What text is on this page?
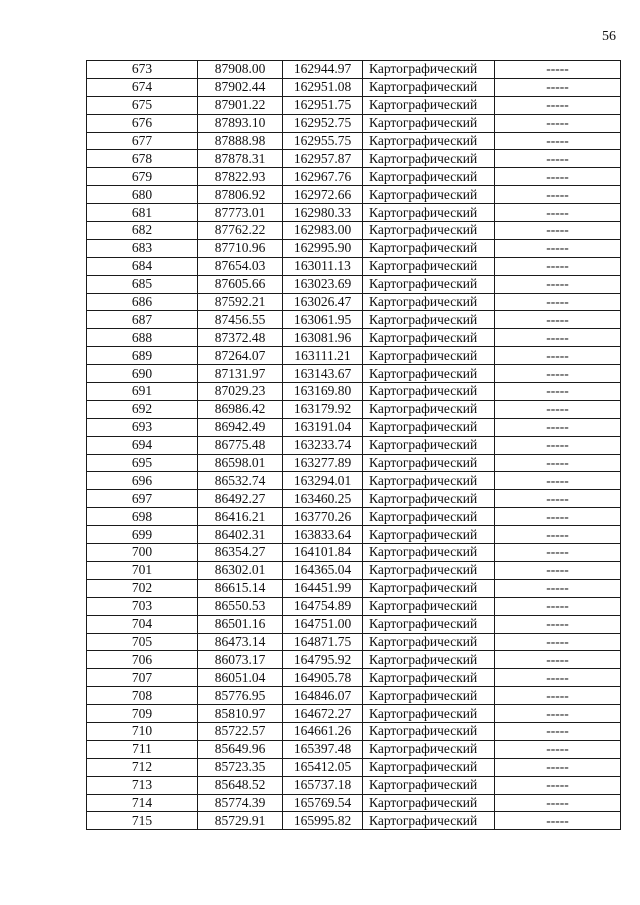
56
673	87908.00	162944.97	Картографический	-----
674	87902.44	162951.08	Картографический	-----
675	87901.22	162951.75	Картографический	-----
676	87893.10	162952.75	Картографический	-----
677	87888.98	162955.75	Картографический	-----
678	87878.31	162957.87	Картографический	-----
679	87822.93	162967.76	Картографический	-----
680	87806.92	162972.66	Картографический	-----
681	87773.01	162980.33	Картографический	-----
682	87762.22	162983.00	Картографический	-----
683	87710.96	162995.90	Картографический	-----
684	87654.03	163011.13	Картографический	-----
685	87605.66	163023.69	Картографический	-----
686	87592.21	163026.47	Картографический	-----
687	87456.55	163061.95	Картографический	-----
688	87372.48	163081.96	Картографический	-----
689	87264.07	163111.21	Картографический	-----
690	87131.97	163143.67	Картографический	-----
691	87029.23	163169.80	Картографический	-----
692	86986.42	163179.92	Картографический	-----
693	86942.49	163191.04	Картографический	-----
694	86775.48	163233.74	Картографический	-----
695	86598.01	163277.89	Картографический	-----
696	86532.74	163294.01	Картографический	-----
697	86492.27	163460.25	Картографический	-----
698	86416.21	163770.26	Картографический	-----
699	86402.31	163833.64	Картографический	-----
700	86354.27	164101.84	Картографический	-----
701	86302.01	164365.04	Картографический	-----
702	86615.14	164451.99	Картографический	-----
703	86550.53	164754.89	Картографический	-----
704	86501.16	164751.00	Картографический	-----
705	86473.14	164871.75	Картографический	-----
706	86073.17	164795.92	Картографический	-----
707	86051.04	164905.78	Картографический	-----
708	85776.95	164846.07	Картографический	-----
709	85810.97	164672.27	Картографический	-----
710	85722.57	164661.26	Картографический	-----
711	85649.96	165397.48	Картографический	-----
712	85723.35	165412.05	Картографический	-----
713	85648.52	165737.18	Картографический	-----
714	85774.39	165769.54	Картографический	-----
715	85729.91	165995.82	Картографический	-----
